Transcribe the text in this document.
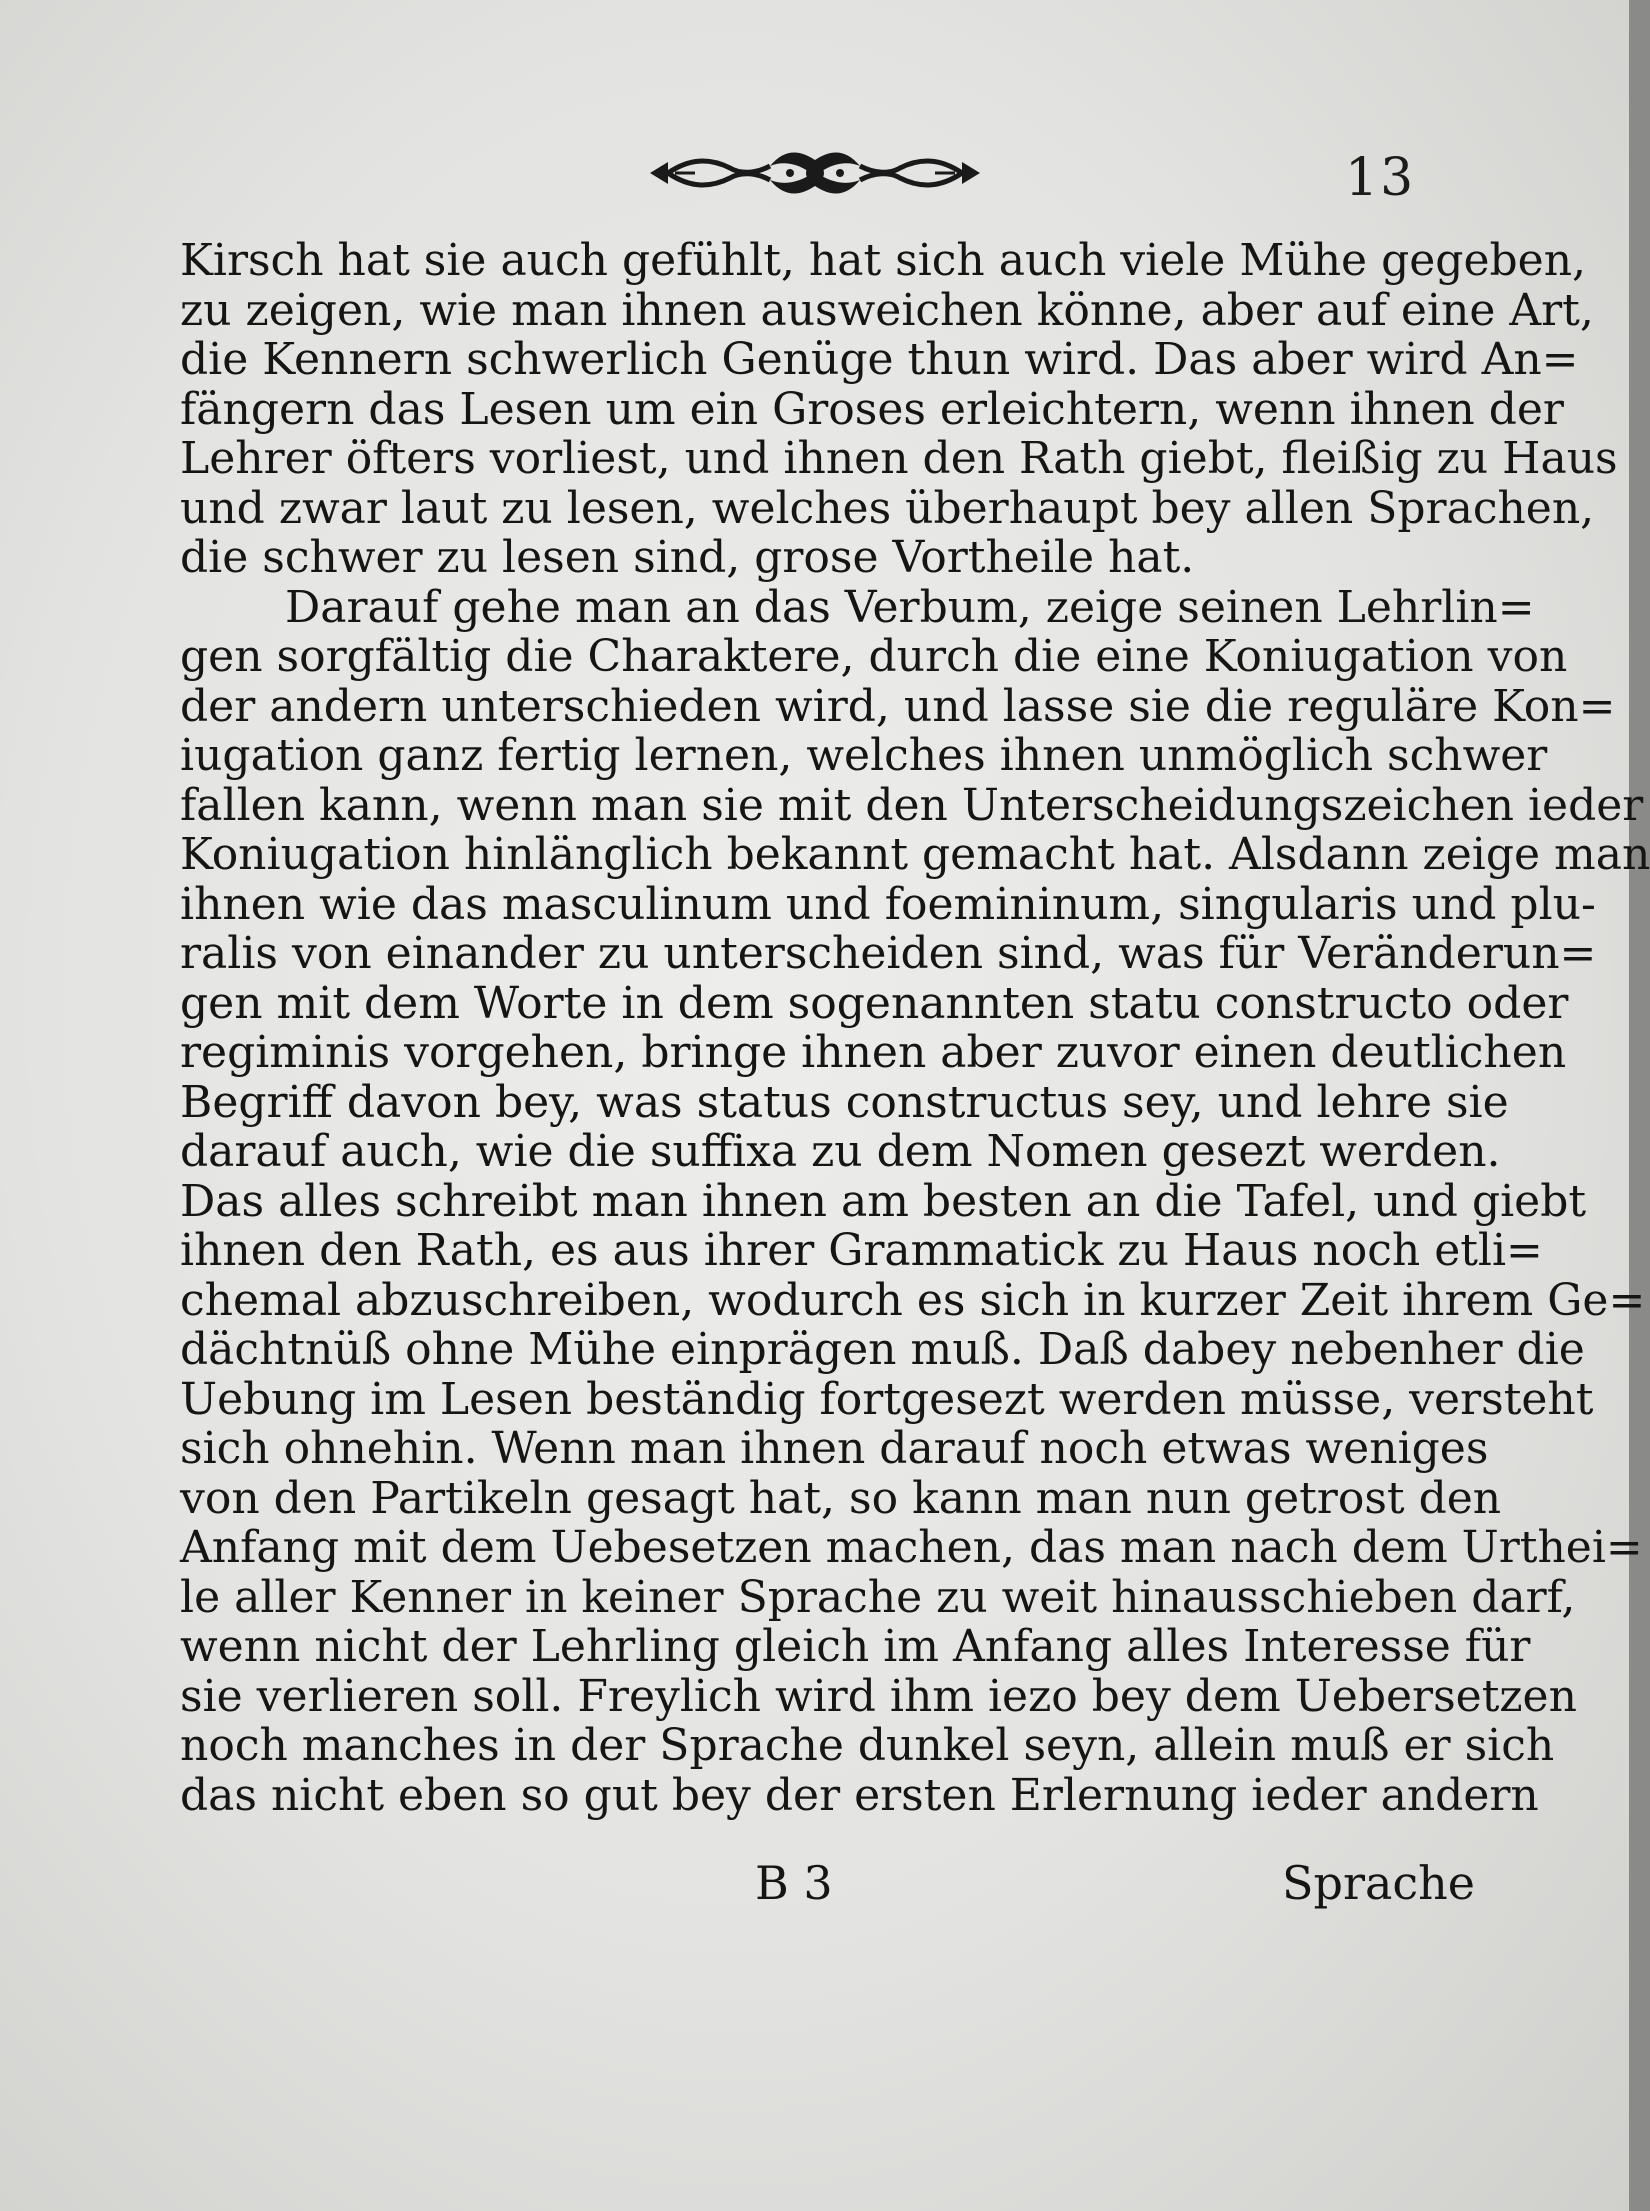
13
Kirsch hat sie auch gefühlt, hat sich auch viele Mühe gegeben,
zu zeigen, wie man ihnen ausweichen könne, aber auf eine Art,
die Kennern schwerlich Genüge thun wird. Das aber wird An=
fängern das Lesen um ein Groses erleichtern, wenn ihnen der
Lehrer öfters vorliest, und ihnen den Rath giebt, fleißig zu Haus
und zwar laut zu lesen, welches überhaupt bey allen Sprachen,
die schwer zu lesen sind, grose Vortheile hat.
Darauf gehe man an das Verbum, zeige seinen Lehrlin=
gen sorgfältig die Charaktere, durch die eine Koniugation von
der andern unterschieden wird, und lasse sie die reguläre Kon=
iugation ganz fertig lernen, welches ihnen unmöglich schwer
fallen kann, wenn man sie mit den Unterscheidungszeichen ieder
Koniugation hinlänglich bekannt gemacht hat. Alsdann zeige man
ihnen wie das masculinum und foemininum, singularis und plu-
ralis von einander zu unterscheiden sind, was für Veränderun=
gen mit dem Worte in dem sogenannten statu constructo oder
regiminis vorgehen, bringe ihnen aber zuvor einen deutlichen
Begriff davon bey, was status constructus sey, und lehre sie
darauf auch, wie die suffixa zu dem Nomen gesezt werden.
Das alles schreibt man ihnen am besten an die Tafel, und giebt
ihnen den Rath, es aus ihrer Grammatick zu Haus noch etli=
chemal abzuschreiben, wodurch es sich in kurzer Zeit ihrem Ge=
dächtnüß ohne Mühe einprägen muß. Daß dabey nebenher die
Uebung im Lesen beständig fortgesezt werden müsse, versteht
sich ohnehin. Wenn man ihnen darauf noch etwas weniges
von den Partikeln gesagt hat, so kann man nun getrost den
Anfang mit dem Uebesetzen machen, das man nach dem Urthei=
le aller Kenner in keiner Sprache zu weit hinausschieben darf,
wenn nicht der Lehrling gleich im Anfang alles Interesse für
sie verlieren soll. Freylich wird ihm iezo bey dem Uebersetzen
noch manches in der Sprache dunkel seyn, allein muß er sich
das nicht eben so gut bey der ersten Erlernung ieder andern
B 3	Sprache
